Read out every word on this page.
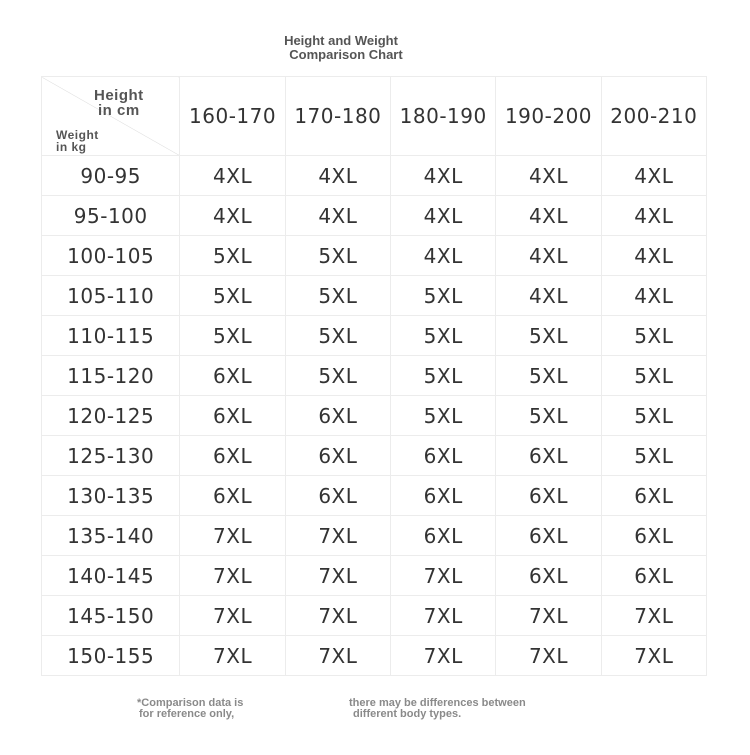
Height and Weight
Comparison Chart
Height
in cm
Weight
in kg	160-170	170-180	180-190	190-200	200-210
90-95	4XL	4XL	4XL	4XL	4XL
95-100	4XL	4XL	4XL	4XL	4XL
100-105	5XL	5XL	4XL	4XL	4XL
105-110	5XL	5XL	5XL	4XL	4XL
110-115	5XL	5XL	5XL	5XL	5XL
115-120	6XL	5XL	5XL	5XL	5XL
120-125	6XL	6XL	5XL	5XL	5XL
125-130	6XL	6XL	6XL	6XL	5XL
130-135	6XL	6XL	6XL	6XL	6XL
135-140	7XL	7XL	6XL	6XL	6XL
140-145	7XL	7XL	7XL	6XL	6XL
145-150	7XL	7XL	7XL	7XL	7XL
150-155	7XL	7XL	7XL	7XL	7XL
*Comparison data is
for reference only,
there may be differences between
different body types.
